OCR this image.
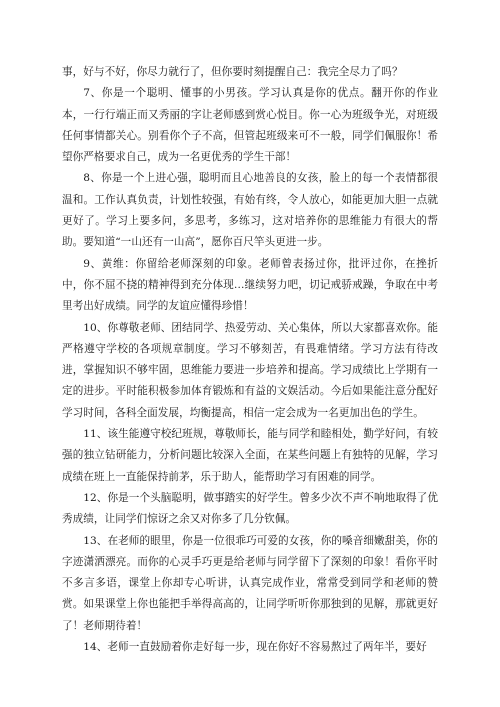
事，好与不好，你尽力就行了，但你要时刻提醒自己：我完全尽力了吗？

7、你是一个聪明、懂事的小男孩。学习认真是你的优点。翻开你的作业本，一行行端正而又秀丽的字让老师感到赏心悦目。你一心为班级争光，对班级任何事情都关心。别看你个子不高，但管起班级来可不一般，同学们佩服你！希望你严格要求自己，成为一名更优秀的学生干部！

8、你是一个上进心强，聪明而且心地善良的女孩，脸上的每一个表情都很温和。工作认真负责，计划性较强，有始有终，令人放心，如能更加大胆一点就更好了。学习上要多问，多思考，多练习，这对培养你的思维能力有很大的帮助。要知道“一山还有一山高”，愿你百尺竿头更进一步。

9、黄维：你留给老师深刻的印象。老师曾表扬过你，批评过你，在挫折中，你不屈不挠的精神得到充分体现…继续努力吧，切记戒骄戒躁，争取在中考里考出好成绩。同学的友谊应懂得珍惜！

10、你尊敬老师、团结同学、热爱劳动、关心集体，所以大家都喜欢你。能严格遵守学校的各项规章制度。学习不够刻苦，有畏难情绪。学习方法有待改进，掌握知识不够牢固，思维能力要进一步培养和提高。学习成绩比上学期有一定的进步。平时能积极参加体育锻炼和有益的文娱活动。今后如果能注意分配好学习时间，各科全面发展，均衡提高，相信一定会成为一名更加出色的学生。

11、该生能遵守校纪班规，尊敬师长，能与同学和睦相处，勤学好问，有较强的独立钻研能力，分析问题比较深入全面，在某些问题上有独特的见解，学习成绩在班上一直能保持前茅，乐于助人，能帮助学习有困难的同学。

12、你是一个头脑聪明，做事踏实的好学生。曾多少次不声不响地取得了优秀成绩，让同学们惊讶之余又对你多了几分钦佩。

13、在老师的眼里，你是一位很乖巧可爱的女孩，你的嗓音细嫩甜美，你的字迹潇洒漂亮。而你的心灵手巧更是给老师与同学留下了深刻的印象！看你平时不多言多语，课堂上你却专心听讲，认真完成作业，常常受到同学和老师的赞赏。如果课堂上你也能把手举得高高的，让同学听听你那独到的见解，那就更好了！老师期待着！

14、老师一直鼓励着你走好每一步，现在你好不容易熬过了两年半，要好
